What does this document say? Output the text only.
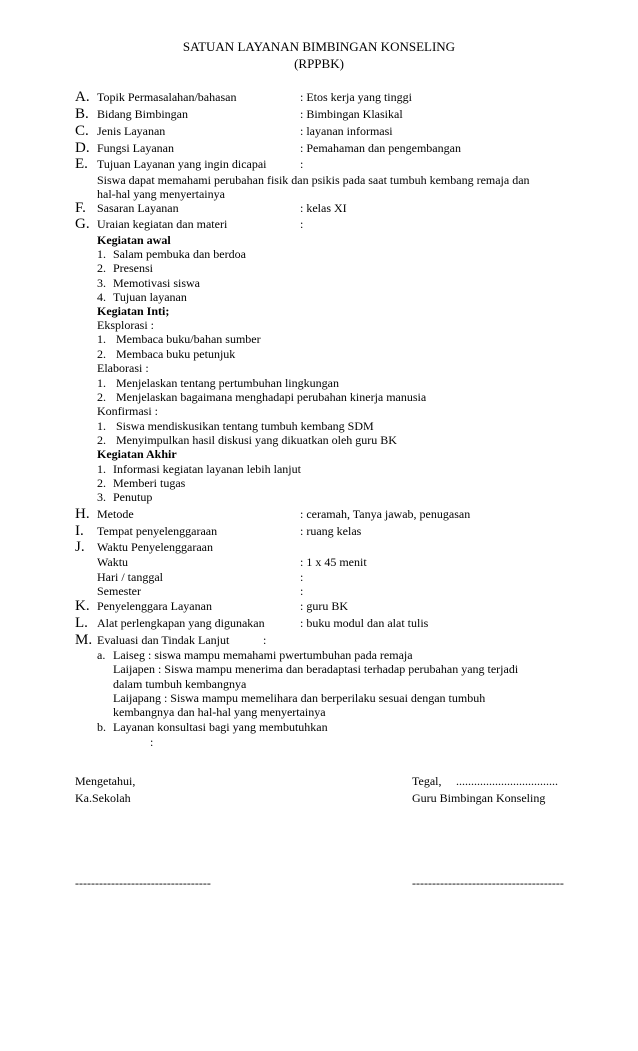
SATUAN LAYANAN BIMBINGAN KONSELING
(RPPBK)
A. Topik Permasalahan/bahasan	: Etos kerja yang tinggi
B. Bidang Bimbingan	: Bimbingan Klasikal
C. Jenis Layanan	: layanan informasi
D. Fungsi Layanan	: Pemahaman dan pengembangan
E. Tujuan Layanan yang ingin dicapai	:
Siswa dapat memahami perubahan fisik dan psikis pada saat tumbuh kembang remaja dan
hal-hal yang menyertainya
F. Sasaran Layanan	: kelas XI
G. Uraian kegiatan dan materi	:
Kegiatan awal
1. Salam pembuka dan berdoa
2. Presensi
3. Memotivasi siswa
4. Tujuan layanan
Kegiatan Inti;
Eksplorasi :
1. Membaca buku/bahan sumber
2. Membaca buku petunjuk
Elaborasi :
1. Menjelaskan tentang pertumbuhan lingkungan
2. Menjelaskan bagaimana menghadapi perubahan kinerja manusia
Konfirmasi :
1. Siswa mendiskusikan tentang tumbuh kembang SDM
2. Menyimpulkan hasil diskusi yang dikuatkan oleh guru BK
Kegiatan Akhir
1. Informasi kegiatan layanan lebih lanjut
2. Memberi tugas
3. Penutup
H. Metode	: ceramah, Tanya jawab, penugasan
I. Tempat penyelenggaraan	: ruang kelas
J. Waktu Penyelenggaraan
Waktu	: 1 x 45 menit
Hari / tanggal	:
Semester	:
K. Penyelenggara Layanan	: guru BK
L. Alat perlengkapan yang digunakan	: buku modul dan alat tulis
M. Evaluasi dan Tindak Lanjut	:
a. Laiseg : siswa mampu memahami pwertumbuhan pada remaja
Laijapen : Siswa mampu menerima dan beradaptasi terhadap perubahan yang terjadi
dalam tumbuh kembangnya
Laijapang : Siswa mampu memelihara dan berperilaku sesuai dengan tumbuh
kembangnya dan hal-hal yang menyertainya
b. Layanan konsultasi bagi yang membutuhkan
:
Mengetahui,
Ka.Sekolah
----------------------------------
Tegal, ..................................
Guru Bimbingan Konseling
--------------------------------------
